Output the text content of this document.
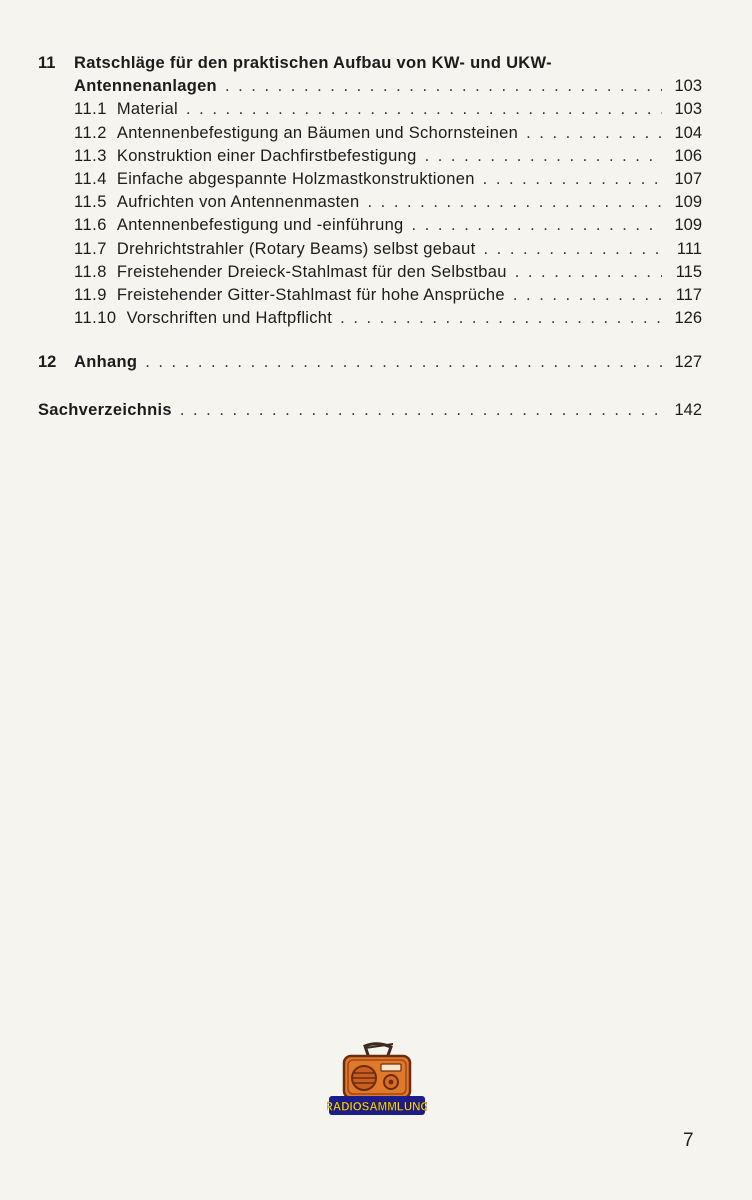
11	Ratschläge für den praktischen Aufbau von KW- und UKW-
Antennenanlagen . . .	103
11.1 Material . . .	103
11.2 Antennenbefestigung an Bäumen und Schornsteinen . . .	104
11.3 Konstruktion einer Dachfirstbefestigung . . .	106
11.4 Einfache abgespannte Holzmastkonstruktionen . . .	107
11.5 Aufrichten von Antennenmasten . . .	109
11.6 Antennenbefestigung und -einführung . . .	109
11.7 Drehrichtstrahler (Rotary Beams) selbst gebaut . . .	111
11.8 Freistehender Dreieck-Stahlmast für den Selbstbau . . .	115
11.9 Freistehender Gitter-Stahlmast für hohe Ansprüche . . .	117
11.10 Vorschriften und Haftpflicht . . .	126
12	Anhang . . .	127
Sachverzeichnis . . .	142
RADIOSAMMLUNG
7
